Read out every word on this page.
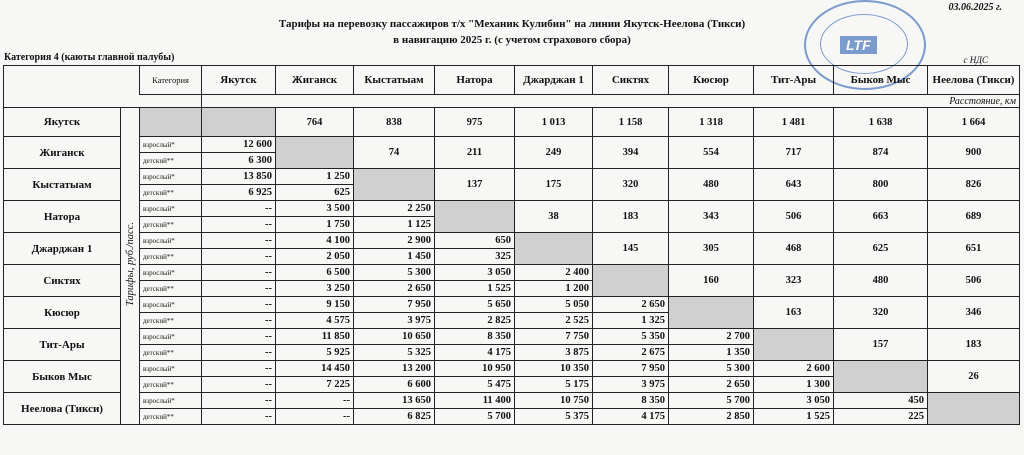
03.06.2025 г.
Тарифы на перевозку пассажиров т/х "Механик Кулибин" на линии Якутск-Неелова (Тикси)
в навигацию 2025 г. (с учетом страхового сбора)
Категория 4 (каюты главной палубы)	с НДС
LTF
		Категория	Якутск	Жиганск	Кыстатыам	Натора	Джарджан 1	Сиктях	Кюсюр	Тит-Ары	Быков Мыс	Неелова (Тикси)
			Расстояние, км									
Якутск	Тарифы, руб./пасс.			764	838	975	1 013	1 158	1 318	1 481	1 638	1 664
Жиганск		взрослый*	12 600		74	211	249	394	554	717	874	900
		детский**	6 300									
Кыстатыам		взрослый*	13 850	1 250		137	175	320	480	643	800	826
		детский**	6 925	625								
Натора		взрослый*	--	3 500	2 250		38	183	343	506	663	689
		детский**	--	1 750	1 125							
Джарджан 1		взрослый*	--	4 100	2 900	650		145	305	468	625	651
		детский**	--	2 050	1 450	325						
Сиктях		взрослый*	--	6 500	5 300	3 050	2 400		160	323	480	506
		детский**	--	3 250	2 650	1 525	1 200					
Кюсюр		взрослый*	--	9 150	7 950	5 650	5 050	2 650		163	320	346
		детский**	--	4 575	3 975	2 825	2 525	1 325				
Тит-Ары		взрослый*	--	11 850	10 650	8 350	7 750	5 350	2 700		157	183
		детский**	--	5 925	5 325	4 175	3 875	2 675	1 350			
Быков Мыс		взрослый*	--	14 450	13 200	10 950	10 350	7 950	5 300	2 600		26
		детский**	--	7 225	6 600	5 475	5 175	3 975	2 650	1 300		
Неелова (Тикси)		взрослый*	--	--	13 650	11 400	10 750	8 350	5 700	3 050	450	
		детский**	--	--	6 825	5 700	5 375	4 175	2 850	1 525	225	
